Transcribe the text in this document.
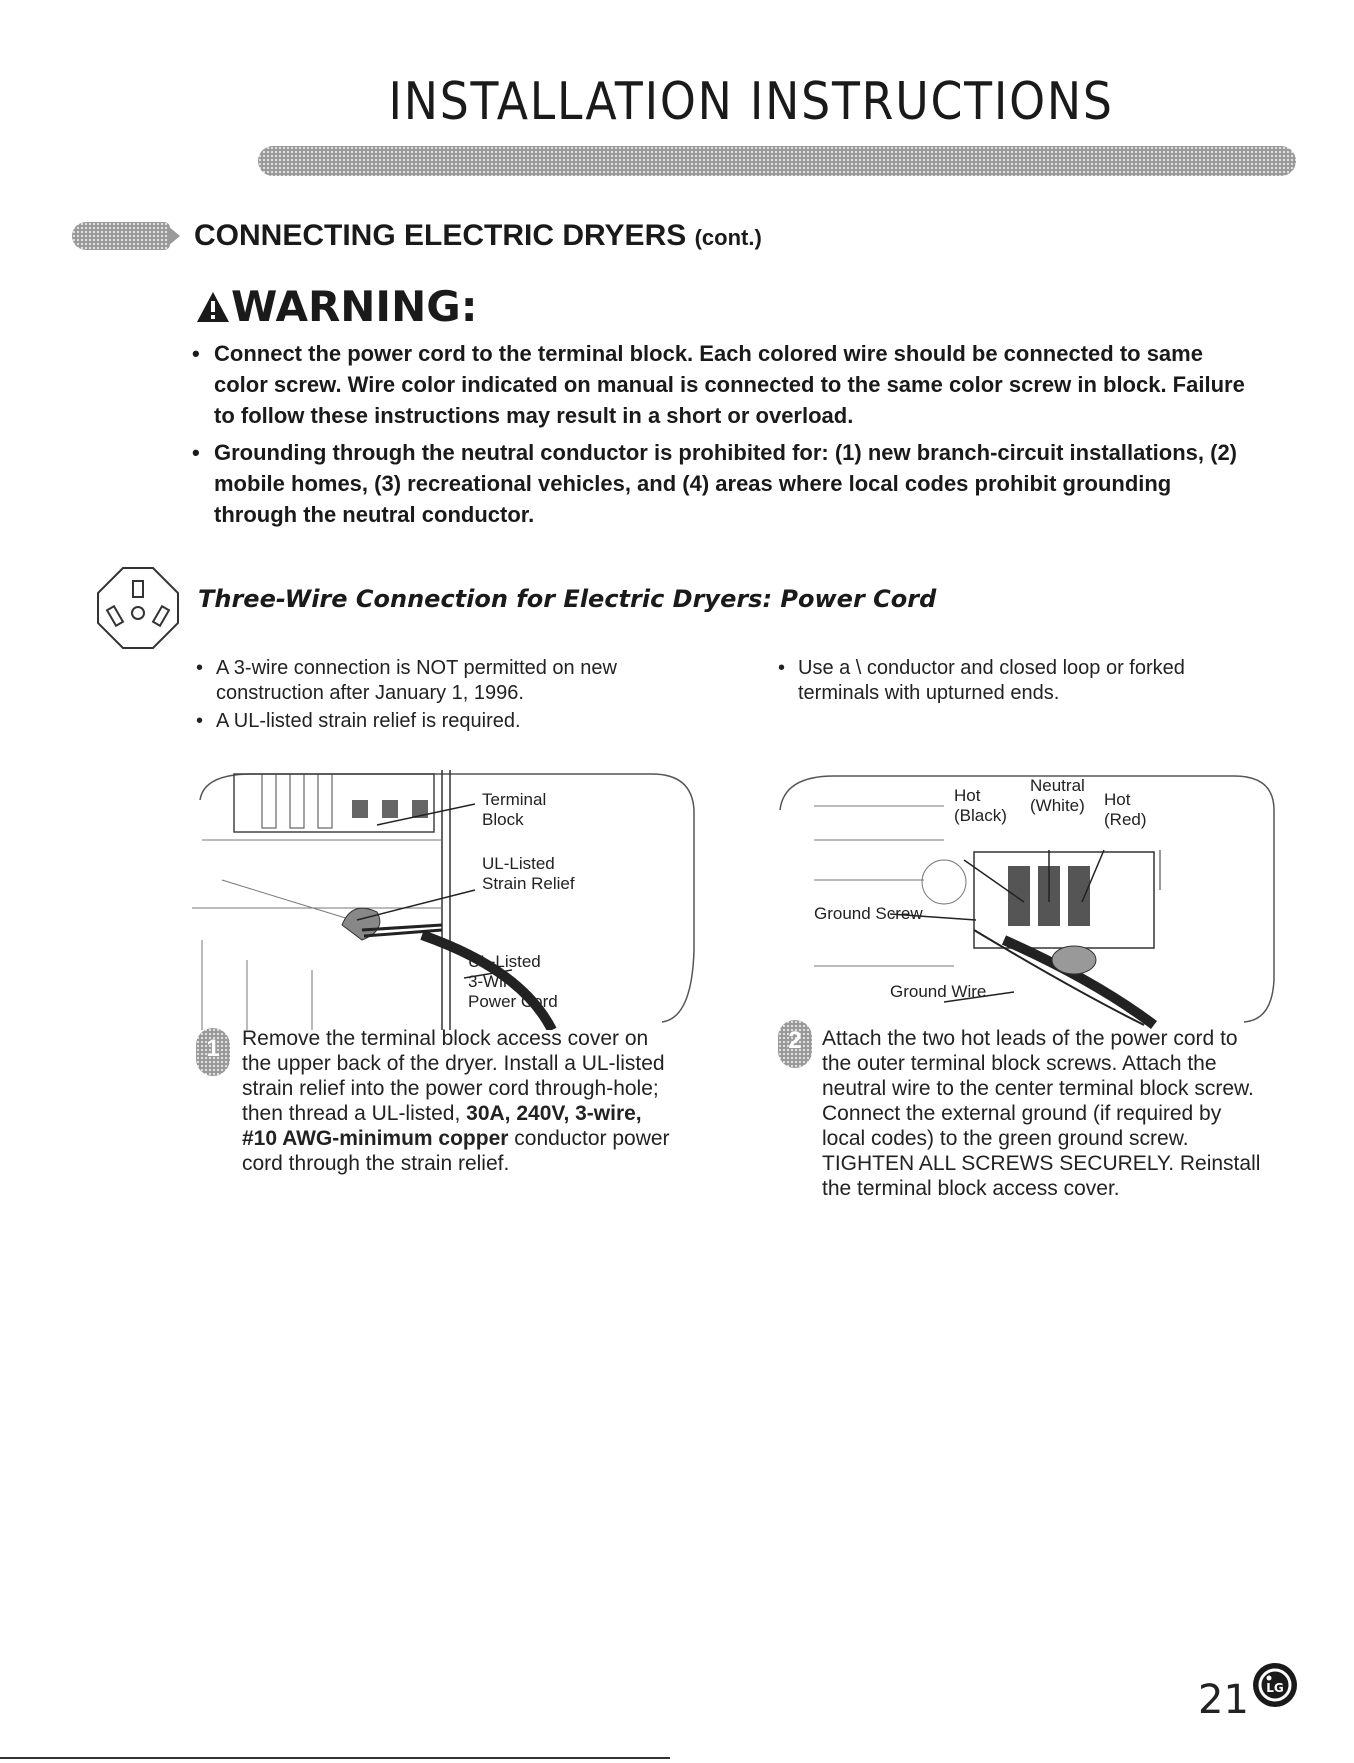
INSTALLATION INSTRUCTIONS
CONNECTING ELECTRIC DRYERS (cont.)
WARNING:
• Connect the power cord to the terminal block. Each colored wire should be connected to same color screw. Wire color indicated on manual is connected to the same color screw in block. Failure to follow these instructions may result in a short or overload.
• Grounding through the neutral conductor is prohibited for: (1) new branch-circuit installations, (2) mobile homes, (3) recreational vehicles, and (4) areas where local codes prohibit grounding through the neutral conductor.
Three-Wire Connection for Electric Dryers: Power Cord
• A 3-wire connection is NOT permitted on new construction after January 1, 1996.
• A UL-listed strain relief is required.
• Use a \ conductor and closed loop or forked terminals with upturned ends.
Terminal
Block
UL-Listed
Strain Relief
UL-Listed
3-Wire
Power Cord
Hot
(Black)
Neutral
(White) Hot
(Red)
Ground Screw
Ground Wire
1	Remove the terminal block access cover on the upper back of the dryer. Install a UL-listed strain relief into the power cord through-hole; then thread a UL-listed, 30A, 240V, 3-wire, #10 AWG-minimum copper conductor power cord through the strain relief.
2 Attach the two hot leads of the power cord to the outer terminal block screws. Attach the neutral wire to the center terminal block screw. Connect the external ground (if required by local codes) to the green ground screw. TIGHTEN ALL SCREWS SECURELY. Reinstall the terminal block access cover.
21 LG
